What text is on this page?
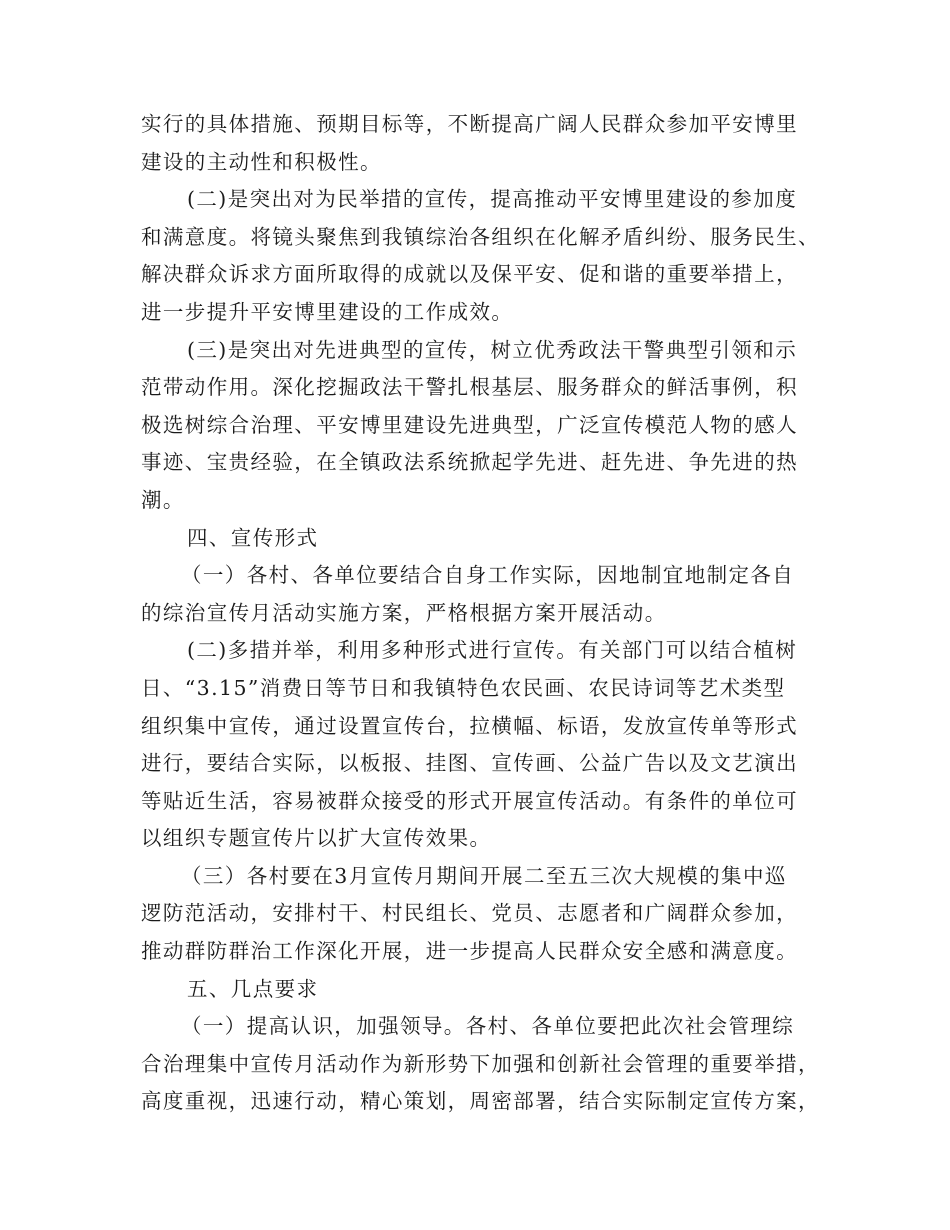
实行的具体措施、预期目标等，不断提高广阔人民群众参加平安博里
建设的主动性和积极性。
(二)是突出对为民举措的宣传，提高推动平安博里建设的参加度
和满意度。将镜头聚焦到我镇综治各组织在化解矛盾纠纷、服务民生、
解决群众诉求方面所取得的成就以及保平安、促和谐的重要举措上，
进一步提升平安博里建设的工作成效。
(三)是突出对先进典型的宣传，树立优秀政法干警典型引领和示
范带动作用。深化挖掘政法干警扎根基层、服务群众的鲜活事例，积
极选树综合治理、平安博里建设先进典型，广泛宣传模范人物的感人
事迹、宝贵经验，在全镇政法系统掀起学先进、赶先进、争先进的热
潮。
四、宣传形式
（一）各村、各单位要结合自身工作实际，因地制宜地制定各自
的综治宣传月活动实施方案，严格根据方案开展活动。
(二)多措并举，利用多种形式进行宣传。有关部门可以结合植树
日、“3.15”消费日等节日和我镇特色农民画、农民诗词等艺术类型
组织集中宣传，通过设置宣传台，拉横幅、标语，发放宣传单等形式
进行，要结合实际，以板报、挂图、宣传画、公益广告以及文艺演出
等贴近生活，容易被群众接受的形式开展宣传活动。有条件的单位可
以组织专题宣传片以扩大宣传效果。
（三）各村要在3月宣传月期间开展二至五三次大规模的集中巡
逻防范活动，安排村干、村民组长、党员、志愿者和广阔群众参加，
推动群防群治工作深化开展，进一步提高人民群众安全感和满意度。
五、几点要求
（一）提高认识，加强领导。各村、各单位要把此次社会管理综
合治理集中宣传月活动作为新形势下加强和创新社会管理的重要举措，
高度重视，迅速行动，精心策划，周密部署，结合实际制定宣传方案，
